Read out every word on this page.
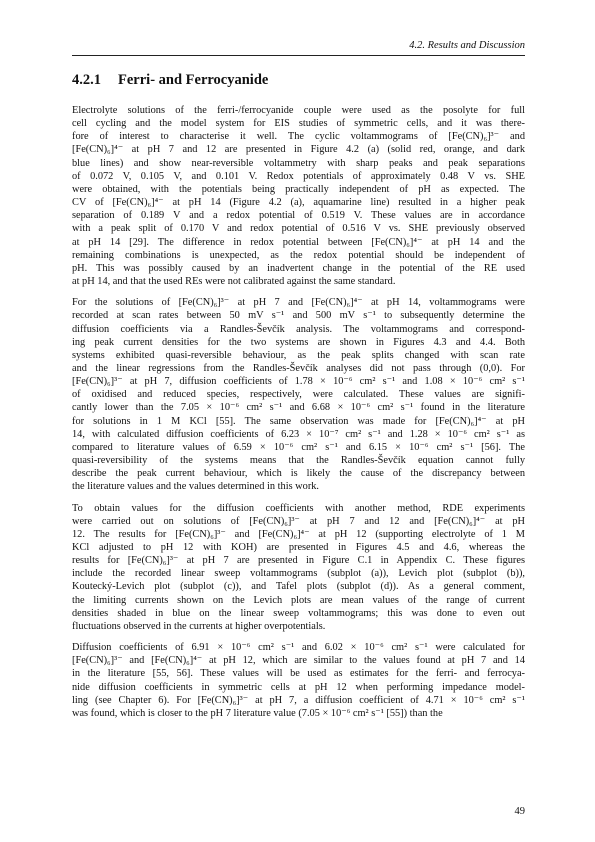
4.2. Results and Discussion
4.2.1 Ferri- and Ferrocyanide
Electrolyte solutions of the ferri-/ferrocyanide couple were used as the posolyte for full
cell cycling and the model system for EIS studies of symmetric cells, and it was there-
fore of interest to characterise it well. The cyclic voltammograms of [Fe(CN)₆]³⁻ and
[Fe(CN)₆]⁴⁻ at pH 7 and 12 are presented in Figure 4.2 (a) (solid red, orange, and dark
blue lines) and show near-reversible voltammetry with sharp peaks and peak separations
of 0.072 V, 0.105 V, and 0.101 V. Redox potentials of approximately 0.48 V vs. SHE
were obtained, with the potentials being practically independent of pH as expected. The
CV of [Fe(CN)₆]⁴⁻ at pH 14 (Figure 4.2 (a), aquamarine line) resulted in a higher peak
separation of 0.189 V and a redox potential of 0.519 V. These values are in accordance
with a peak split of 0.170 V and redox potential of 0.516 V vs. SHE previously observed
at pH 14 [29]. The difference in redox potential between [Fe(CN)₆]⁴⁻ at pH 14 and the
remaining combinations is unexpected, as the redox potential should be independent of
pH. This was possibly caused by an inadvertent change in the potential of the RE used
at pH 14, and that the used REs were not calibrated against the same standard.
For the solutions of [Fe(CN)₆]³⁻ at pH 7 and [Fe(CN)₆]⁴⁻ at pH 14, voltammograms were
recorded at scan rates between 50 mV s⁻¹ and 500 mV s⁻¹ to subsequently determine the
diffusion coefficients via a Randles-Ševčík analysis. The voltammograms and correspond-
ing peak current densities for the two systems are shown in Figures 4.3 and 4.4. Both
systems exhibited quasi-reversible behaviour, as the peak splits changed with scan rate
and the linear regressions from the Randles-Ševčík analyses did not pass through (0,0). For
[Fe(CN)₆]³⁻ at pH 7, diffusion coefficients of 1.78 × 10⁻⁶ cm² s⁻¹ and 1.08 × 10⁻⁶ cm² s⁻¹
of oxidised and reduced species, respectively, were calculated. These values are signifi-
cantly lower than the 7.05 × 10⁻⁶ cm² s⁻¹ and 6.68 × 10⁻⁶ cm² s⁻¹ found in the literature
for solutions in 1 M KCl [55]. The same observation was made for [Fe(CN)₆]⁴⁻ at pH
14, with calculated diffusion coefficients of 6.23 × 10⁻⁷ cm² s⁻¹ and 1.28 × 10⁻⁶ cm² s⁻¹ as
compared to literature values of 6.59 × 10⁻⁶ cm² s⁻¹ and 6.15 × 10⁻⁶ cm² s⁻¹ [56]. The
quasi-reversibility of the systems means that the Randles-Ševčík equation cannot fully
describe the peak current behaviour, which is likely the cause of the discrepancy between
the literature values and the values determined in this work.
To obtain values for the diffusion coefficients with another method, RDE experiments
were carried out on solutions of [Fe(CN)₆]³⁻ at pH 7 and 12 and [Fe(CN)₆]⁴⁻ at pH
12. The results for [Fe(CN)₆]³⁻ and [Fe(CN)₆]⁴⁻ at pH 12 (supporting electrolyte of 1 M
KCl adjusted to pH 12 with KOH) are presented in Figures 4.5 and 4.6, whereas the
results for [Fe(CN)₆]³⁻ at pH 7 are presented in Figure C.1 in Appendix C. These figures
include the recorded linear sweep voltammograms (subplot (a)), Levich plot (subplot (b)),
Koutecký-Levich plot (subplot (c)), and Tafel plots (subplot (d)). As a general comment,
the limiting currents shown on the Levich plots are mean values of the range of current
densities shaded in blue on the linear sweep voltammograms; this was done to even out
fluctuations observed in the currents at higher overpotentials.
Diffusion coefficients of 6.91 × 10⁻⁶ cm² s⁻¹ and 6.02 × 10⁻⁶ cm² s⁻¹ were calculated for
[Fe(CN)₆]³⁻ and [Fe(CN)₆]⁴⁻ at pH 12, which are similar to the values found at pH 7 and 14
in the literature [55, 56]. These values will be used as estimates for the ferri- and ferrocya-
nide diffusion coefficients in symmetric cells at pH 12 when performing impedance model-
ling (see Chapter 6). For [Fe(CN)₆]³⁻ at pH 7, a diffusion coefficient of 4.71 × 10⁻⁶ cm² s⁻¹
was found, which is closer to the pH 7 literature value (7.05 × 10⁻⁶ cm² s⁻¹ [55]) than the
49
